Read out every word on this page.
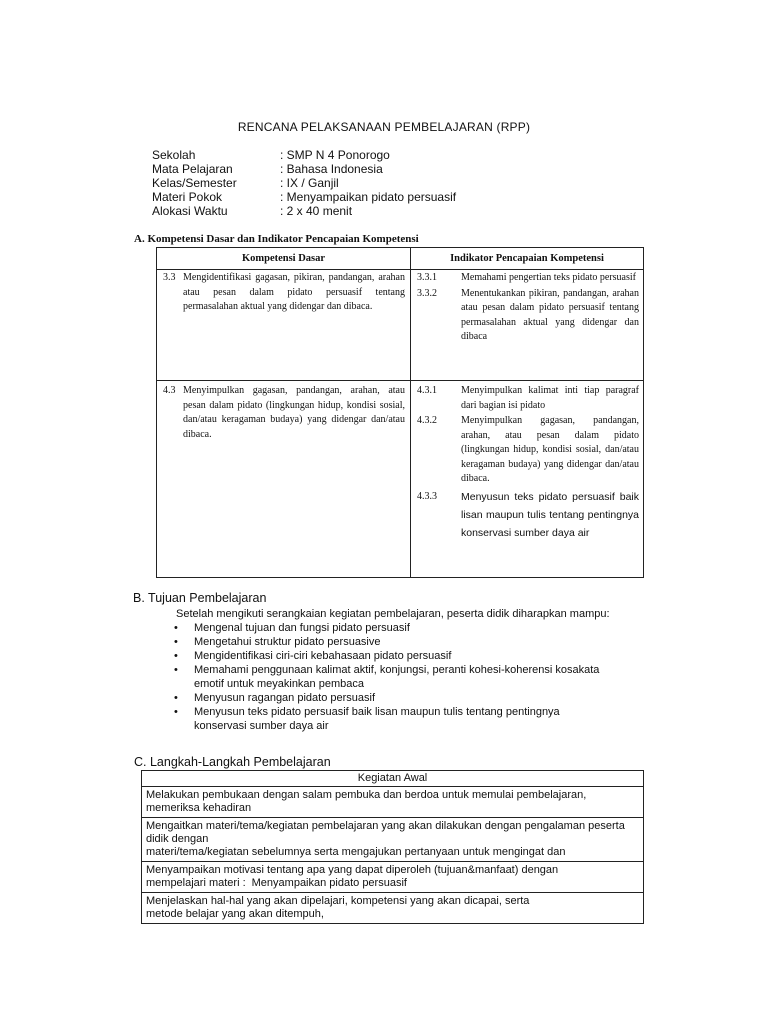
RENCANA PELAKSANAAN PEMBELAJARAN (RPP)
Sekolah	: SMP N 4 Ponorogo
Mata Pelajaran	: Bahasa Indonesia
Kelas/Semester	: IX / Ganjil
Materi Pokok	: Menyampaikan pidato persuasif
Alokasi Waktu	: 2 x 40 menit
A. Kompetensi Dasar dan Indikator Pencapaian Kompetensi
Kompetensi Dasar	Indikator Pencapaian Kompetensi
3.3 Mengidentifikasi gagasan, pikiran, pandangan, arahan atau pesan dalam pidato persuasif tentang permasalahan aktual yang didengar dan dibaca.
3.3.1	Memahami pengertian teks pidato persuasif
3.3.2	Menentukankan pikiran, pandangan, arahan atau pesan dalam pidato persuasif tentang permasalahan aktual yang didengar dan dibaca
4.3 Menyimpulkan gagasan, pandangan, arahan, atau pesan dalam pidato (lingkungan hidup, kondisi sosial, dan/atau keragaman budaya) yang didengar dan/atau dibaca.
4.3.1	Menyimpulkan kalimat inti tiap paragraf dari bagian isi pidato
4.3.2	Menyimpulkan gagasan, pandangan, arahan, atau pesan dalam pidato (lingkungan hidup, kondisi sosial, dan/atau keragaman budaya) yang didengar dan/atau dibaca.
4.3.3	Menyusun teks pidato persuasif baik lisan maupun tulis tentang pentingnya konservasi sumber daya air
B. Tujuan Pembelajaran
Setelah mengikuti serangkaian kegiatan pembelajaran, peserta didik diharapkan mampu:
•	Mengenal tujuan dan fungsi pidato persuasif
•	Mengetahui struktur pidato persuasive
•	Mengidentifikasi ciri-ciri kebahasaan pidato persuasif
•	Memahami penggunaan kalimat aktif, konjungsi, peranti kohesi-koherensi kosakata emotif untuk meyakinkan pembaca
•	Menyusun ragangan pidato persuasif
•	Menyusun teks pidato persuasif baik lisan maupun tulis tentang pentingnya konservasi sumber daya air
C. Langkah-Langkah Pembelajaran
Kegiatan Awal
Melakukan pembukaan dengan salam pembuka dan berdoa untuk memulai pembelajaran, memeriksa kehadiran
Mengaitkan materi/tema/kegiatan pembelajaran yang akan dilakukan dengan pengalaman peserta didik dengan
materi/tema/kegiatan sebelumnya serta mengajukan pertanyaan untuk mengingat dan
Menyampaikan motivasi tentang apa yang dapat diperoleh (tujuan&manfaat) dengan
mempelajari materi : Menyampaikan pidato persuasif
Menjelaskan hal-hal yang akan dipelajari, kompetensi yang akan dicapai, serta
metode belajar yang akan ditempuh,
